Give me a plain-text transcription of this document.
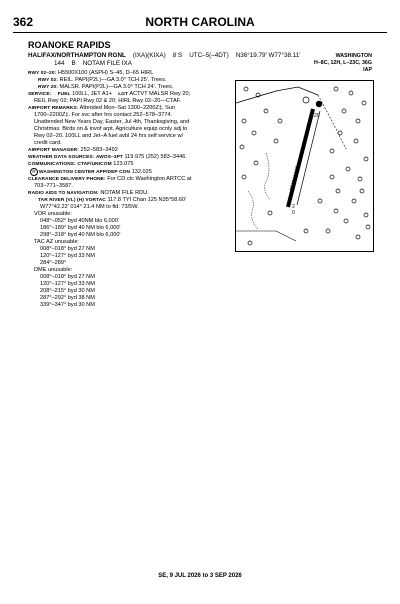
362	NORTH CAROLINA
ROANOKE RAPIDS
HALIFAX/NORTHAMPTON RGNL (IXA)(KIXA) 8 S UTC–5(–4DT) N36°19.79′ W77°38.11′
144 B NOTAM FILE IXA
WASHINGTON
H–8C, 12H, L–23C, 36G
IAP
RWY 02–20: H5500X100 (ASPH) S–45, D–65 HIRL
RWY 02: REIL. PAPI(P2L)—GA 3.0° TCH 25′. Trees.
RWY 20: MALSR. PAPI(P2L)—GA 3.0° TCH 24′. Trees.
SERVICE: FUEL 100LL, JET A1+ LGT ACTVT MALSR Rwy 20;
REIL Rwy 02; PAPI Rwy 02 & 20; HIRL Rwy 02–20—CTAF.
AIRPORT REMARKS: Attended Mon–Sat 1300–2200Z‡, Sun
1700–2200Z‡. For svc after hrs contact 252–578–3774.
Unattended New Years Day, Easter, Jul 4th, Thanksgiving, and
Christmas. Birds on & invof arpt. Agriculture equip ocnly adj to
Rwy 02–20. 100LL and Jet–A fuel avbl 24 hrs self service w/
credit card.
AIRPORT MANAGER: 252–583–3492
WEATHER DATA SOURCES: AWOS–3PT 119.975 (252) 583–3446.
COMMUNICATIONS: CTAF/UNICOM 123.075
R WASHINGTON CENTER APP/DEP CON 132.025
CLEARANCE DELIVERY PHONE: For CD ctc Washington ARTCC at
703–771–3587.
RADIO AIDS TO NAVIGATION: NOTAM FILE RDU.
TAR RIVER (VL) (H) VORTAC 117.8 TYI Chan 125 N35°58.60′
W77°42.22′ 014° 21.4 NM to fld. 73/5W.
VOR unusable:
048°–052° byd 40NM blo 6,000′
186°–189° byd 40 NM blo 6,000′
298°–318° byd 40 NM blo 6,000′
TAC AZ unusable:
008°–018° byd 27 NM
120°–127° byd 33 NM
284°–289°
DME unusable:
008°–018° byd 27 NM
120°–127° byd 33 NM
208°–215° byd 30 NM
287°–292° byd 38 NM
339°–347° byd 30 NM
5500 X 100
20
2
0
SE, 9 JUL 2026 to 3 SEP 2026
